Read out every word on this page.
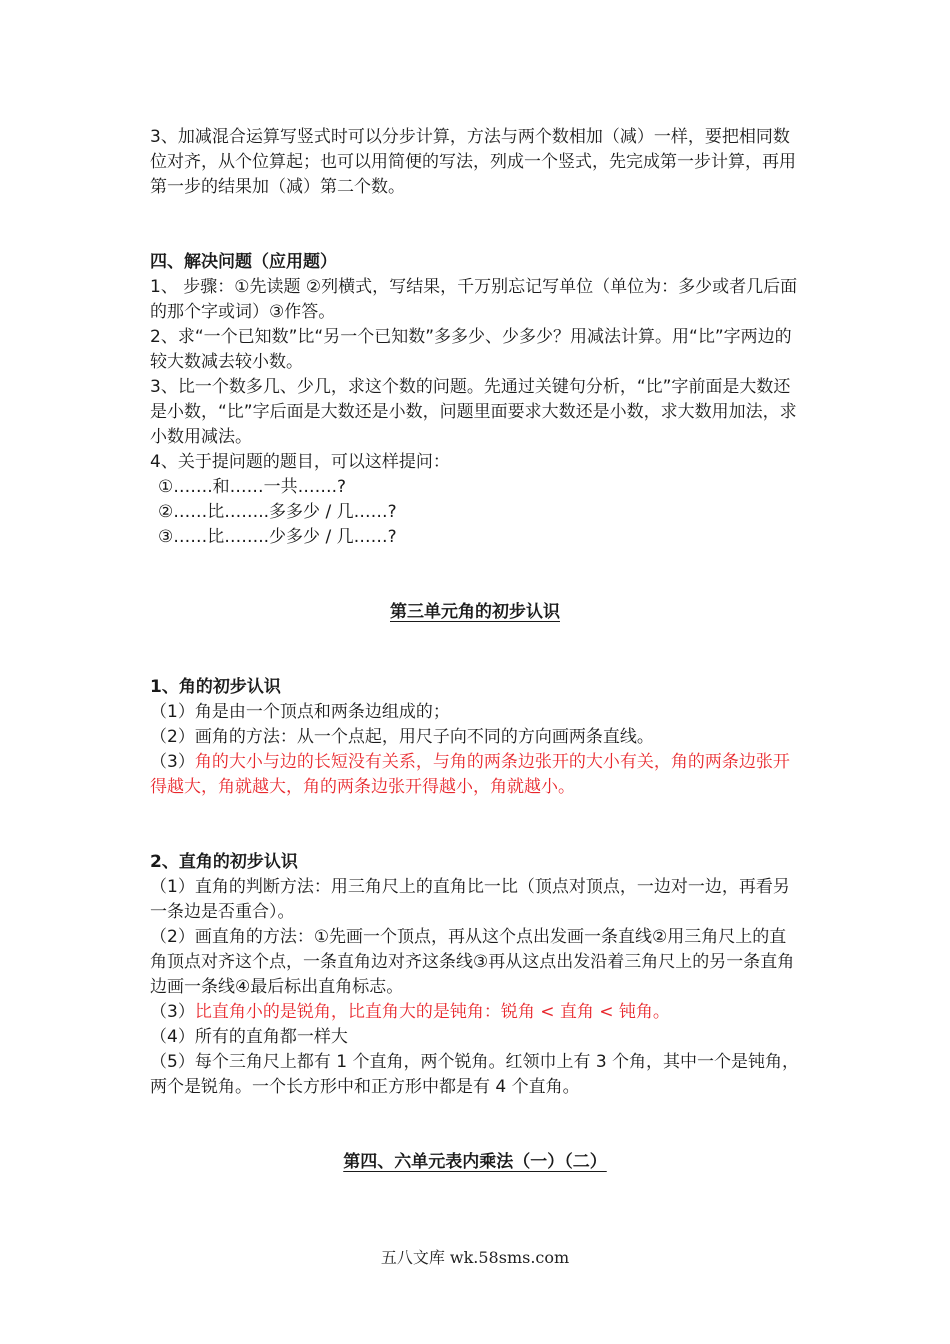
3、加减混合运算写竖式时可以分步计算，方法与两个数相加（减）一样，要把相同数位对齐，从个位算起；也可以用简便的写法，列成一个竖式，先完成第一步计算，再用第一步的结果加（减）第二个数。

四、解决问题（应用题）

1、 步骤：①先读题 ②列横式，写结果，千万别忘记写单位（单位为：多少或者几后面的那个字或词）③作答。

2、求“一个已知数”比“另一个已知数”多多少、少多少？用减法计算。用“比”字两边的较大数减去较小数。

3、比一个数多几、少几，求这个数的问题。先通过关键句分析，“比”字前面是大数还是小数，“比”字后面是大数还是小数，问题里面要求大数还是小数，求大数用加法，求小数用减法。

4、关于提问题的题目，可以这样提问：

①…….和……一共…….?

②……比……..多多少 / 几……?

③……比……..少多少 / 几……?

第三单元角的初步认识

1、角的初步认识

（1）角是由一个顶点和两条边组成的；

（2）画角的方法：从一个点起，用尺子向不同的方向画两条直线。

（3）角的大小与边的长短没有关系，与角的两条边张开的大小有关，角的两条边张开得越大，角就越大，角的两条边张开得越小，角就越小。

2、直角的初步认识

（1）直角的判断方法：用三角尺上的直角比一比（顶点对顶点，一边对一边，再看另一条边是否重合）。

（2）画直角的方法：①先画一个顶点，再从这个点出发画一条直线②用三角尺上的直角顶点对齐这个点，一条直角边对齐这条线③再从这点出发沿着三角尺上的另一条直角边画一条线④最后标出直角标志。

（3）比直角小的是锐角，比直角大的是钝角：锐角 < 直角 < 钝角。

（4）所有的直角都一样大

（5）每个三角尺上都有 1 个直角，两个锐角。红领巾上有 3 个角，其中一个是钝角，两个是锐角。一个长方形中和正方形中都是有 4 个直角。

第四、六单元表内乘法（一）（二）

五八文库 wk.58sms.com
